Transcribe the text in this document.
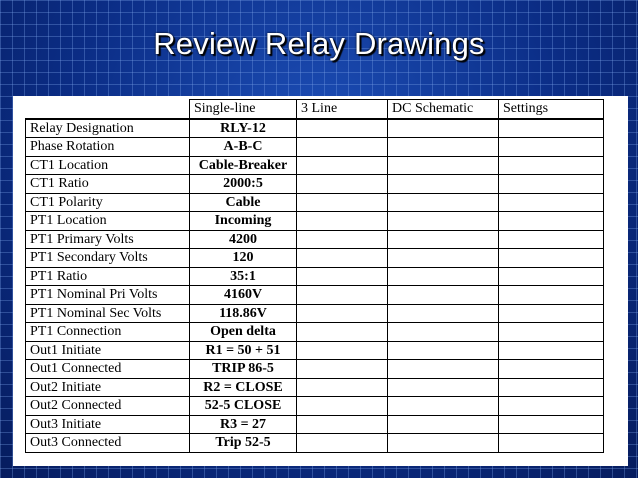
Review Relay Drawings
	Single-line	3 Line	DC Schematic	Settings
Relay Designation	RLY-12			
Phase Rotation	A-B-C			
CT1 Location	Cable-Breaker			
CT1 Ratio	2000:5			
CT1 Polarity	Cable			
PT1 Location	Incoming			
PT1 Primary Volts	4200			
PT1 Secondary Volts	120			
PT1 Ratio	35:1			
PT1 Nominal Pri Volts	4160V			
PT1 Nominal Sec Volts	118.86V			
PT1 Connection	Open delta			
Out1 Initiate	R1 = 50 + 51			
Out1 Connected	TRIP 86-5			
Out2 Initiate	R2 = CLOSE			
Out2 Connected	52-5 CLOSE			
Out3 Initiate	R3 = 27			
Out3 Connected	Trip 52-5			
